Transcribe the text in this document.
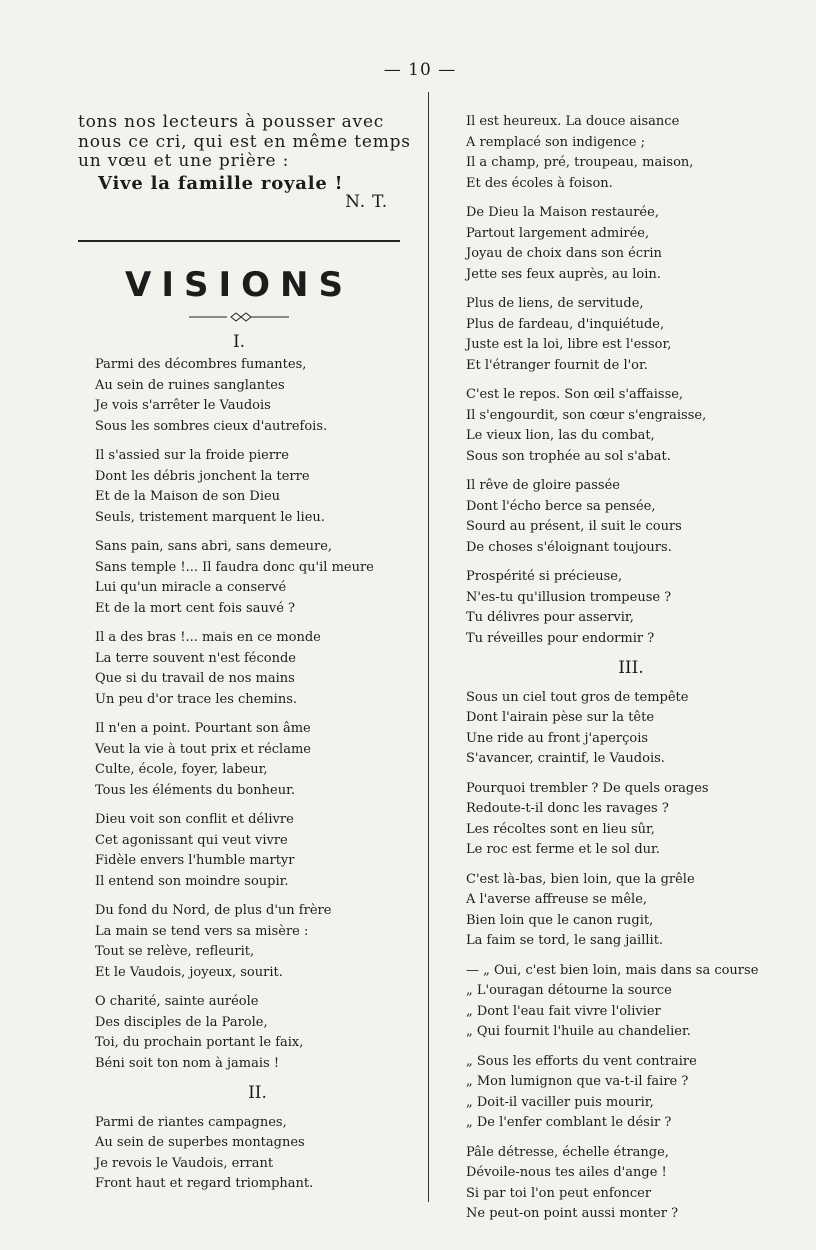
— 10 —
tons nos lecteurs à pousser avec
nous ce cri, qui est en même temps
un vœu et une prière :
Vive la famille royale !
N. T.
VISIONS
I.
Parmi des décombres fumantes,
Au sein de ruines sanglantes
Je vois s'arrêter le Vaudois
Sous les sombres cieux d'autrefois.
Il s'assied sur la froide pierre
Dont les débris jonchent la terre
Et de la Maison de son Dieu
Seuls, tristement marquent le lieu.
Sans pain, sans abri, sans demeure,
Sans temple !... Il faudra donc qu'il meure
Lui qu'un miracle a conservé
Et de la mort cent fois sauvé ?
Il a des bras !... mais en ce monde
La terre souvent n'est féconde
Que si du travail de nos mains
Un peu d'or trace les chemins.
Il n'en a point. Pourtant son âme
Veut la vie à tout prix et réclame
Culte, école, foyer, labeur,
Tous les éléments du bonheur.
Dieu voit son conflit et délivre
Cet agonissant qui veut vivre
Fidèle envers l'humble martyr
Il entend son moindre soupir.
Du fond du Nord, de plus d'un frère
La main se tend vers sa misère :
Tout se relève, refleurit,
Et le Vaudois, joyeux, sourit.
O charité, sainte auréole
Des disciples de la Parole,
Toi, du prochain portant le faix,
Béni soit ton nom à jamais !
II.
Parmi de riantes campagnes,
Au sein de superbes montagnes
Je revois le Vaudois, errant
Front haut et regard triomphant.
Il est heureux. La douce aisance
A remplacé son indigence ;
Il a champ, pré, troupeau, maison,
Et des écoles à foison.
De Dieu la Maison restaurée,
Partout largement admirée,
Joyau de choix dans son écrin
Jette ses feux auprès, au loin.
Plus de liens, de servitude,
Plus de fardeau, d'inquiétude,
Juste est la loi, libre est l'essor,
Et l'étranger fournit de l'or.
C'est le repos. Son œil s'affaisse,
Il s'engourdit, son cœur s'engraisse,
Le vieux lion, las du combat,
Sous son trophée au sol s'abat.
Il rêve de gloire passée
Dont l'écho berce sa pensée,
Sourd au présent, il suit le cours
De choses s'éloignant toujours.
Prospérité si précieuse,
N'es-tu qu'illusion trompeuse ?
Tu délivres pour asservir,
Tu réveilles pour endormir ?
III.
Sous un ciel tout gros de tempête
Dont l'airain pèse sur la tête
Une ride au front j'aperçois
S'avancer, craintif, le Vaudois.
Pourquoi trembler ? De quels orages
Redoute-t-il donc les ravages ?
Les récoltes sont en lieu sûr,
Le roc est ferme et le sol dur.
C'est là-bas, bien loin, que la grêle
A l'averse affreuse se mêle,
Bien loin que le canon rugit,
La faim se tord, le sang jaillit.
— „ Oui, c'est bien loin, mais dans sa course
„ L'ouragan détourne la source
„ Dont l'eau fait vivre l'olivier
„ Qui fournit l'huile au chandelier.
„ Sous les efforts du vent contraire
„ Mon lumignon que va-t-il faire ?
„ Doit-il vaciller puis mourir,
„ De l'enfer comblant le désir ?
Pâle détresse, échelle étrange,
Dévoile-nous tes ailes d'ange !
Si par toi l'on peut enfoncer
Ne peut-on point aussi monter ?
